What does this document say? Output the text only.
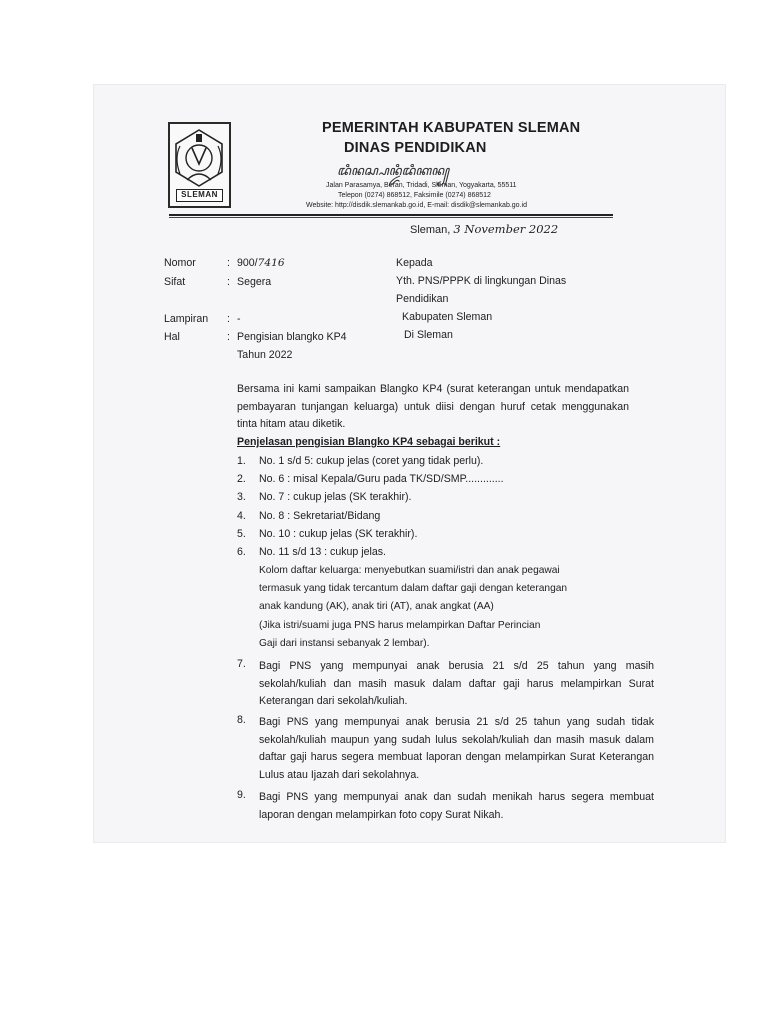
SLEMAN
PEMERINTAH KABUPATEN SLEMAN
DINAS PENDIDIKAN
ꦢꦶꦤꦱ꧀ꦥꦤ꧀ꦢꦶꦢꦶꦏꦤ꧀
Jalan Parasamya, Beran, Tridadi, Sleman, Yogyakarta, 55511
Telepon (0274) 868512, Faksimile (0274) 868512
Website: http://disdik.slemankab.go.id, E-mail: disdik@slemankab.go.id
Sleman, 3 November 2022
Nomor	: 900/7416
Sifat	: Segera
Lampiran : -
Hal	: Pengisian blangko KP4
Tahun 2022
Kepada
Yth. PNS/PPPK di lingkungan Dinas
Pendidikan
Kabupaten Sleman
Di Sleman
Bersama ini kami sampaikan Blangko KP4 (surat keterangan untuk mendapatkan pembayaran tunjangan keluarga) untuk diisi dengan huruf cetak menggunakan tinta hitam atau diketik.
Penjelasan pengisian Blangko KP4 sebagai berikut :
1. No. 1 s/d 5: cukup jelas (coret yang tidak perlu).
2. No. 6 : misal Kepala/Guru pada TK/SD/SMP.............
3. No. 7 : cukup jelas (SK terakhir).
4. No. 8 : Sekretariat/Bidang
5. No. 10 : cukup jelas (SK terakhir).
6. No. 11 s/d 13 : cukup jelas.
Kolom daftar keluarga: menyebutkan suami/istri dan anak pegawai
termasuk yang tidak tercantum dalam daftar gaji dengan keterangan
anak kandung (AK), anak tiri (AT), anak angkat (AA)
(Jika istri/suami juga PNS harus melampirkan Daftar Perincian
Gaji dari instansi sebanyak 2 lembar).
7. Bagi PNS yang mempunyai anak berusia 21 s/d 25 tahun yang masih sekolah/kuliah dan masih masuk dalam daftar gaji harus melampirkan Surat Keterangan dari sekolah/kuliah.
8. Bagi PNS yang mempunyai anak berusia 21 s/d 25 tahun yang sudah tidak sekolah/kuliah maupun yang sudah lulus sekolah/kuliah dan masih masuk dalam daftar gaji harus segera membuat laporan dengan melampirkan Surat Keterangan Lulus atau Ijazah dari sekolahnya.
9. Bagi PNS yang mempunyai anak dan sudah menikah harus segera membuat laporan dengan melampirkan foto copy Surat Nikah.
